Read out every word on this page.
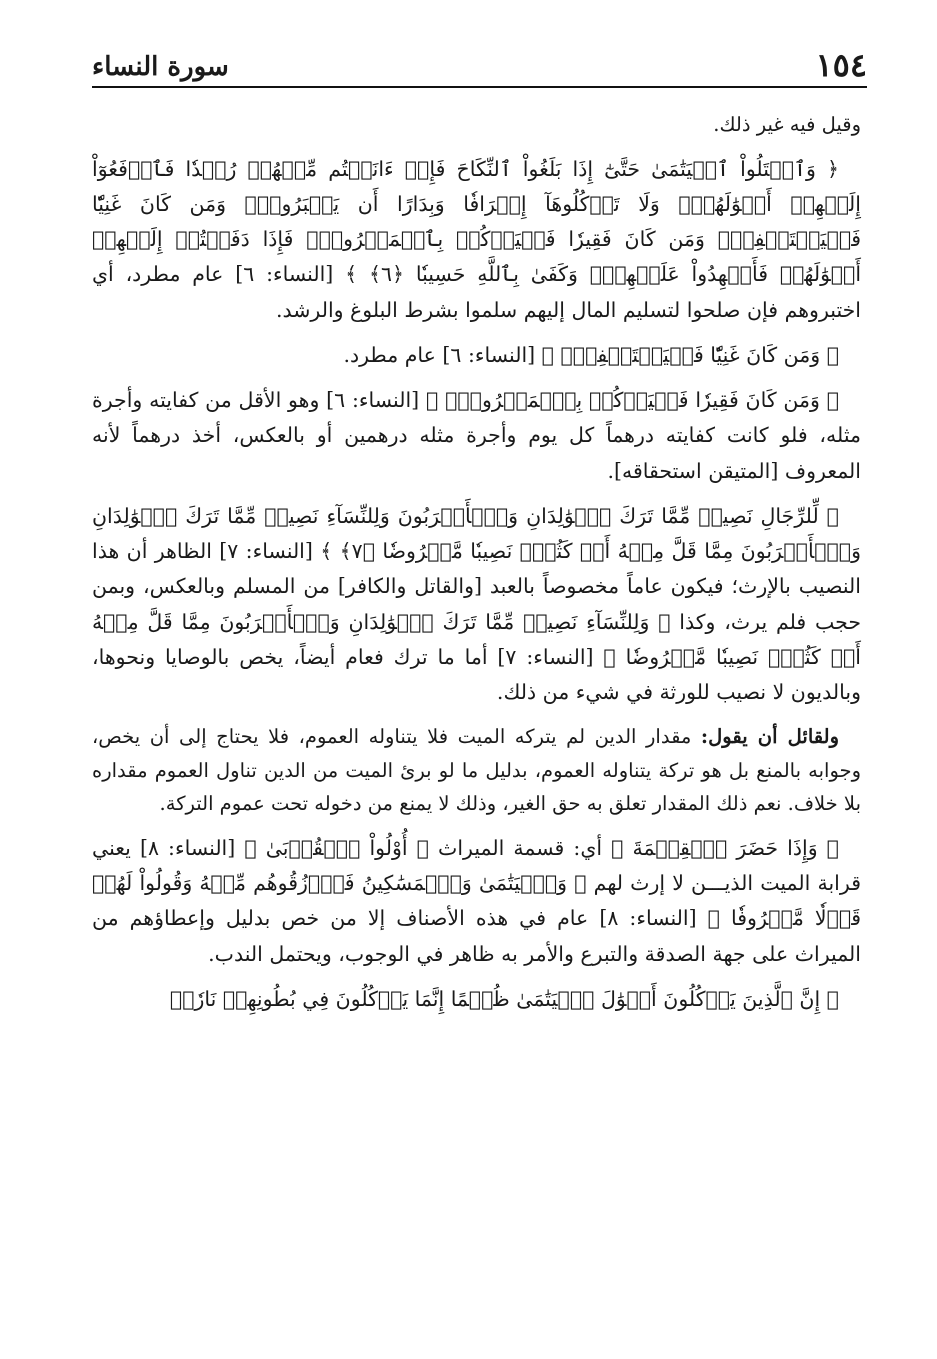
١٥٤
سورة النساء

وقيل فيه غير ذلك.

﴿ وَٱبۡتَلُواْ ٱلۡيَتَٰمَىٰ حَتَّىٰٓ إِذَا بَلَغُواْ ٱلنِّكَاحَ فَإِنۡ ءَانَسۡتُم مِّنۡهُمۡ رُشۡدٗا فَٱدۡفَعُوٓاْ إِلَيۡهِمۡ أَمۡوَٰلَهُمۡۖ وَلَا تَأۡكُلُوهَآ إِسۡرَافٗا وَبِدَارًا أَن يَكۡبَرُواْۚ وَمَن كَانَ غَنِيّٗا فَلۡيَسۡتَعۡفِفۡۖ وَمَن كَانَ فَقِيرٗا فَلۡيَأۡكُلۡ بِٱلۡمَعۡرُوفِۚ فَإِذَا دَفَعۡتُمۡ إِلَيۡهِمۡ أَمۡوَٰلَهُمۡ فَأَشۡهِدُواْ عَلَيۡهِمۡۚ وَكَفَىٰ بِٱللَّهِ حَسِيبٗا ﴿٦﴾ ﴾ [النساء: ٦] عام مطرد، أي اختبروهم فإن صلحوا لتسليم المال إليهم سلموا بشرط البلوغ والرشد.

﴿ وَمَن كَانَ غَنِيّٗا فَلۡيَسۡتَعۡفِفۡۖ ﴾ [النساء: ٦] عام مطرد.

﴿ وَمَن كَانَ فَقِيرٗا فَلۡيَأۡكُلۡ بِٱلۡمَعۡرُوفِۚ ﴾ [النساء: ٦] وهو الأقل من كفايته وأجرة مثله، فلو كانت كفايته درهماً كل يوم وأجرة مثله درهمين أو بالعكس، أخذ درهماً لأنه المعروف [المتيقن استحقاقه].

﴿ لِّلرِّجَالِ نَصِيبٞ مِّمَّا تَرَكَ ٱلۡوَٰلِدَانِ وَٱلۡأَقۡرَبُونَ وَلِلنِّسَآءِ نَصِيبٞ مِّمَّا تَرَكَ ٱلۡوَٰلِدَانِ وَٱلۡأَقۡرَبُونَ مِمَّا قَلَّ مِنۡهُ أَوۡ كَثُرَۚ نَصِيبٗا مَّفۡرُوضٗا ﴿٧﴾ ﴾ [النساء: ٧] الظاهر أن هذا النصيب بالإرث؛ فيكون عاماً مخصوصاً بالعبد [والقاتل والكافر] من المسلم وبالعكس، وبمن حجب فلم يرث، وكذا ﴿ وَلِلنِّسَآءِ نَصِيبٞ مِّمَّا تَرَكَ ٱلۡوَٰلِدَانِ وَٱلۡأَقۡرَبُونَ مِمَّا قَلَّ مِنۡهُ أَوۡ كَثُرَۚ نَصِيبٗا مَّفۡرُوضٗا ﴾ [النساء: ٧] أما ما ترك فعام أيضاً، يخص بالوصايا ونحوها، وبالديون لا نصيب للورثة في شيء من ذلك.

ولقائل أن يقول: مقدار الدين لم يتركه الميت فلا يتناوله العموم، فلا يحتاج إلى أن يخص، وجوابه بالمنع بل هو تركة يتناوله العموم، بدليل ما لو برئ الميت من الدين تناول العموم مقداره بلا خلاف. نعم ذلك المقدار تعلق به حق الغير، وذلك لا يمنع من دخوله تحت عموم التركة.

﴿ وَإِذَا حَضَرَ ٱلۡقِسۡمَةَ ﴾ أي: قسمة الميراث ﴿ أُوْلُواْ ٱلۡقُرۡبَىٰ ﴾ [النساء: ٨] يعني قرابة الميت الذيـــن لا إرث لهم ﴿ وَٱلۡيَتَٰمَىٰ وَٱلۡمَسَٰكِينُ فَٱرۡزُقُوهُم مِّنۡهُ وَقُولُواْ لَهُمۡ قَوۡلٗا مَّعۡرُوفٗا ﴾ [النساء: ٨] عام في هذه الأصناف إلا من خص بدليل وإعطاؤهم من الميراث على جهة الصدقة والتبرع والأمر به ظاهر في الوجوب، ويحتمل الندب.

﴿ إِنَّ ٱلَّذِينَ يَأۡكُلُونَ أَمۡوَٰلَ ٱلۡيَتَٰمَىٰ ظُلۡمًا إِنَّمَا يَأۡكُلُونَ فِي بُطُونِهِمۡ نَارٗاۖ
